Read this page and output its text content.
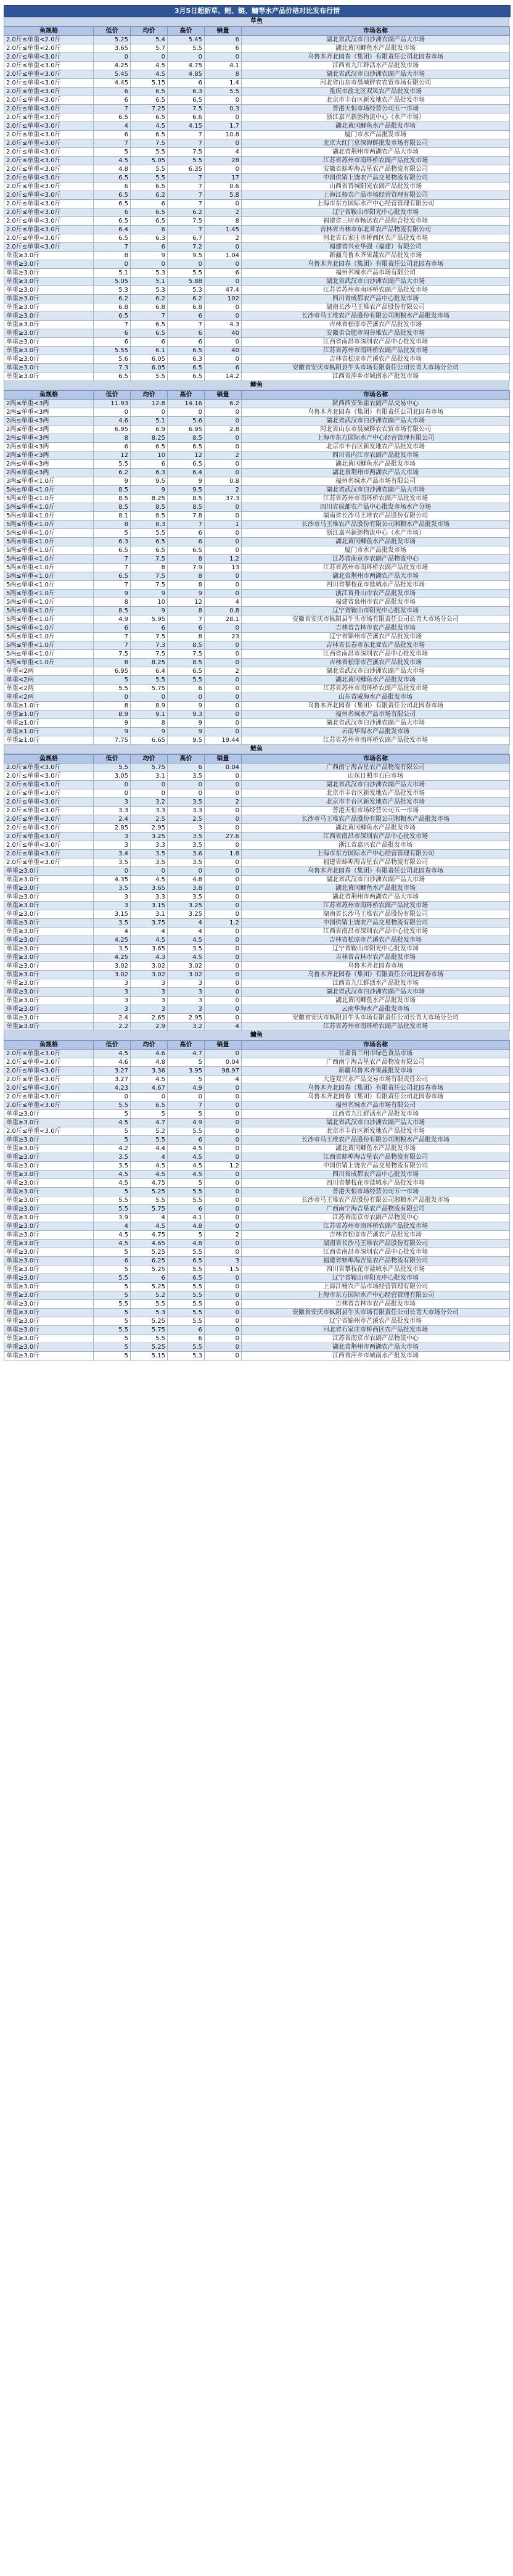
3月5日超新草、鲤、鲢、鳙等水产品价格对比发布行情
草鱼
鱼规格	低价	均价	高价	销量	市场名称
2.0斤≤单重<2.0斤	5.25	5.4	5.45	6	湖北省武汉市白沙洲农副产品大市场
2.0斤≤单重<2.0斤	3.65	5.7	5.5	6	湖北黄冈鲫鱼水产品批发市场
2.0斤≤单重<3.0斤	0	0	0	0	乌鲁木齐北园春（集团）有限责任公司北园春市场
2.0斤≤单重<3.0斤	4.25	4.5	4.75	4.1	江西省九江鲜活水产品批发市场
2.0斤≤单重<3.0斤	5.45	4.5	4.85	8	湖北省武汉市白沙洲农副产品大市场
2.0斤≤单重<3.0斤	4.45	5.15	6	1.4	河北省山东市晨城鲜农农贸市场有限公司
2.0斤≤单重<3.0斤	6	6.5	6.3	5.5	重庆市渝北区双凤农产品批发市场
2.0斤≤单重<3.0斤	6	6.5	6.5	0	北京市丰台区新发地农产品批发市场
2.0斤≤单重<3.0斤	7	7.25	7.5	0.3	普港天恒市场经营公司五一市场
2.0斤≤单重<3.0斤	6.5	6.5	6.6	0	浙江嘉兴新塍物流中心（水产市场）
2.0斤≤单重<3.0斤	4	4.5	4.15	1.7	湖北黄冈鲫鱼水产品批发市场
2.0斤≤单重<3.0斤	6	6.5	7	10.8	厦门市水产品批发市场
2.0斤≤单重<3.0斤	7	7.5	7	0	北京大红门京深海鲜批发市场有限公司
2.0斤≤单重<3.0斤	5	5.5	7.5	4	湖北省荆州市两湖农产品大市场
2.0斤≤单重<3.0斤	4.5	5.05	5.5	28	江苏省苏州市南环桥农副产品批发市场
2.0斤≤单重<3.0斤	4.8	5.5	6.35	0	安徽省蚌埠海吉星农产品物流有限公司
2.0斤≤单重<3.0斤	6.5	5.5	7	17	中国供销上饶农产品交易物流有限公司
2.0斤≤单重<3.0斤	6	6.5	7	0.6	山西省晋城阳光农副产品批发市场
2.0斤≤单重<3.0斤	6.5	6.2	7	5.8	上海江杨农产品市场经营管理有限公司
2.0斤≤单重<3.0斤	6.5	6	7	0	上海市东方国际水产中心经营管理有限公司
2.0斤≤单重<3.0斤	6	6.5	6.2	2	辽宁省鞍山市阳光中心批发市场
2.0斤≤单重<3.0斤	6.5	6.5	7.5	8	福建省三明市畅达农产品综合批发市场
2.0斤≤单重<3.0斤	6.4	6	7	1.45	吉林省吉林市东北亚农产品物流有限公司
2.0斤≤单重<3.0斤	6.5	6.3	6.7	2	河北省石家庄市桥西区农产品批发市场
2.0斤≤单重<3.0斤	7	6	7.2	0	福建省兴业华强（福建）有限公司
单重≥3.0斤	8	9	9.5	1.04	新疆乌鲁木齐果蔬农产品批发市场
单重≥3.0斤	0	0	0	0	乌鲁木齐北园春（集团）有限责任公司北园春市场
单重≥3.0斤	5.1	5.3	5.5	6	福州名城水产品市场有限公司
单重≥3.0斤	5.05	5.1	5.88	0	湖北省武汉市白沙洲农副产品大市场
单重≥3.0斤	5.3	5.3	5.3	47.4	江苏省苏州市南环桥农副产品批发市场
单重≥3.0斤	6.2	6.2	6.2	102	四川省成都农产品中心批发市场
单重≥3.0斤	6.8	6.8	6.8	0	湖南长沙马王堆农产品股份有限公司
单重≥3.0斤	6.5	7	6	0	长沙市马王堆农产品股份有限公司湘粮水产品批发市场
单重≥3.0斤	7	6.5	7	4.3	吉林省松原市芒溪农产品批发市场
单重≥3.0斤	6	6.5	6	40	安徽省合肥市周谷堆农产品批发市场
单重≥3.0斤	6	6	6	0	江西省南昌市深圳农产品中心批发市场
单重≥3.0斤	5.55	6.1	6.5	40	江苏省苏州市南环桥农副产品批发市场
单重≥3.0斤	5.6	6.05	6.3	0	吉林省松原市芒溪农产品批发市场
单重≥3.0斤	7.3	6.05	6.5	6	安徽省安庆市枞阳县牛头市场有限责任公司长青大市场分公司
单重≥3.0斤	6.5	5.5	6.5	14.2	江西省萍乡市城南水产批发市场
鲫鱼
鱼规格	低价	均价	高价	销量	市场名称
2两≤单重<3两	11.93	12.8	14.16	6.2	陕西西安朱雀农副产品交易中心
2两≤单重<3两	0	0	0	0	乌鲁木齐北园春（集团）有限责任公司北园春市场
2两≤单重<3两	4.6	5.1	5.6	0	湖北省武汉市白沙洲农副产品大市场
2两≤单重<3两	6.95	6.9	6.95	2.8	河北省山东市晨城鲜农农贸市场有限公司
2两≤单重<3两	8	8.25	8.5	0	上海市东方国际水产中心经营管理有限公司
2两≤单重<3两	6	6.5	6.5	0	北京市丰台区新发地农产品批发市场
2两≤单重<3两	12	10	12	2	四川省内江市农副产品批发市场
2两≤单重<3两	5.5	6	6.5	0	湖北黄冈鲫鱼水产品批发市场
2两≤单重<3两	6.2	6.3	6.4	0	湖北省荆州市两湖农产品大市场
3两≤单重<1.0斤	9	9.5	9	0.8	福州名城水产品市场有限公司
5两≤单重<1.0斤	8.5	9	9.5	2	湖北省武汉市白沙洲农副产品大市场
5两≤单重<1.0斤	8.5	8.25	8.5	37.3	江苏省苏州市南环桥农副产品批发市场
5两≤单重<1.0斤	8.5	8.5	8.5	0	四川省成都农产品中心批发市场水产分场
5两≤单重<1.0斤	8.1	8.5	7.8	0	湖南省长沙马王堆农产品股份有限公司
5两≤单重<1.0斤	8	8.3	7	1	长沙市马王堆农产品股份有限公司湘粮水产品批发市场
5两≤单重<1.0斤	5	5.5	6	0	浙江嘉兴新塍物流中心（水产市场）
5两≤单重<1.0斤	6.3	6.5	6	0	湖北黄冈鲫鱼水产品批发市场
5两≤单重<1.0斤	6.5	6.5	6.5	0	厦门市水产品批发市场
5两≤单重<1.0斤	7	7.5	8	1.2	江苏省南京市农副产品物流中心
5两≤单重<1.0斤	7	8	7.9	13	江苏省苏州市南环桥农副产品批发市场
5两≤单重<1.0斤	6.5	7.5	8	0	湖北省荆州市两湖农产品大市场
5两≤单重<1.0斤	7	7.5	8	0	四川省攀枝花市盐城水产品批发市场
5两≤单重<1.0斤	9	9	9	0	浙江省舟山市农产品批发市场
5两≤单重<1.0斤	8	10	12	4	福建省泉州市农产品批发市场
5两≤单重<1.0斤	8.5	9	8	0.8	辽宁省鞍山市阳光中心批发市场
5两≤单重<1.0斤	4.9	5.95	7	28.1	安徽省安庆市枞阳县牛头市场有限责任公司长青大市场分公司
5两≤单重<1.0斤	6	6	6	0	吉林省吉林市农产品批发市场
5两≤单重<1.0斤	7	7.5	8	23	辽宁省锦州市芒溪农产品批发市场
5两≤单重<1.0斤	7	7.3	8.5	0	吉林省长春市东北亚农产品批发市场
5两≤单重<1.0斤	7.5	7.5	7.5	0	江西省南昌市深圳农产品中心批发市场
5两≤单重<1.0斤	8	8.25	8.5	0	吉林省松原市芒溪农产品批发市场
单重<2两	6.95	6.4	6.5	2	湖北省武汉市白沙洲农副产品大市场
单重<2两	5	5.5	5.5	0	湖北黄冈鲫鱼水产品批发市场
单重<2两	5.5	5.75	6	0	江苏省苏州市南环桥农副产品批发市场
单重<2两	0	0	0	0	山东省威海水产品批发市场
单重≥1.0斤	8	8.9	9	0	乌鲁木齐北园春（集团）有限责任公司北园春市场
单重≥1.0斤	8.9	9.1	9.3	0	福州名城水产品市场有限公司
单重≥1.0斤	9	8	9	0	湖北省武汉市白沙洲农副产品大市场
单重≥1.0斤	9	9	9	0	云南华海水产品批发市场
单重≥1.0斤	7.75	6.65	9.5	19.44	江苏省苏州市南环桥农副产品批发市场
鲢鱼
鱼规格	低价	均价	高价	销量	市场名称
2.0斤≤单重<3.0斤	5.5	5.75	6	0.04	广西南宁海吉星农产品物流有限公司
2.0斤≤单重<3.0斤	3.05	3.1	3.5	0	山东日照市石臼市场
2.0斤≤单重<3.0斤	0	0	0	0	湖北省武汉市白沙洲农副产品大市场
2.0斤≤单重<3.0斤	0	0	0	0	北京市丰台区新发地农产品批发市场
2.0斤≤单重<3.0斤	3	3.2	3.5	2	北京市丰台区新发地农产品批发市场
2.0斤≤单重<3.0斤	3.3	3.3	3.3	0	普港天恒市场经营公司五一市场
2.0斤≤单重<3.0斤	2.4	2.5	2.5	0	长沙市马王堆农产品股份有限公司湘粮水产品批发市场
2.0斤≤单重<3.0斤	2.85	2.95	3	0	湖北黄冈鲫鱼水产品批发市场
2.0斤≤单重<3.0斤	3	3.25	3.5	27.6	江西省南昌市深圳农产品中心批发市场
2.0斤≤单重<3.0斤	3	3.3	3.5	0	浙江省嘉兴农产品批发市场
2.0斤≤单重<3.0斤	3.4	3.5	3.6	1.8	上海市东方国际水产中心经营管理有限公司
2.0斤≤单重<3.0斤	3.5	3.5	3.5	0	福建省蚌埠海吉星农产品物流有限公司
单重≥3.0斤	0	0	0	0	乌鲁木齐北园春（集团）有限责任公司北园春市场
单重≥3.0斤	4.35	4.5	4.8	0	湖北省武汉市白沙洲农副产品大市场
单重≥3.0斤	3.5	3.65	3.8	0	湖北黄冈鲫鱼水产品批发市场
单重≥3.0斤	3	3.3	3.5	0	湖北省荆州市两湖农产品大市场
单重≥3.0斤	3	3.15	3.25	0	江苏省苏州市南环桥农副产品批发市场
单重≥3.0斤	3.15	3.1	3.25	0	湖南省长沙马王堆农产品股份有限公司
单重≥3.0斤	3.5	3.75	4	1.2	中国供销上饶农产品交易物流有限公司
单重≥3.0斤	4	4	4	0	江西省南昌市深圳农产品中心批发市场
单重≥3.0斤	4.25	4.5	4.5	0	吉林省松原市芒溪农产品批发市场
单重≥3.0斤	3.5	3.65	3.5	0	辽宁省鞍山市阳光中心批发市场
单重≥3.0斤	4.25	4.3	4.5	0	吉林省吉林市农产品批发市场
单重≥3.0斤	3.02	3.02	3.02	0	乌鲁木齐北园春市场
单重≥3.0斤	3.02	3.02	3.02	0	乌鲁木齐北园春（集团）有限责任公司北园春市场
单重≥3.0斤	3	3	3	0	江西省九江鲜活水产品批发市场
单重≥3.0斤	3	3	3	0	湖北省武汉市白沙洲农副产品大市场
单重≥3.0斤	3	3	3	0	湖北黄冈鲫鱼水产品批发市场
单重≥3.0斤	3	3	3	0	云南华海水产品批发市场
单重≥3.0斤	2.4	2.65	2.95	0	安徽省安庆市枞阳县牛头市场有限责任公司长青大市场分公司
单重≥3.0斤	2.2	2.9	3.2	4	江苏省苏州市南环桥农副产品批发市场
鳙鱼
鱼规格	低价	均价	高价	销量	市场名称
2.0斤≤单重<3.0斤	4.5	4.6	4.7	0	甘肃省兰州市绿色食品市场
2.0斤≤单重<3.0斤	4.6	4.8	5	0.04	广西南宁海吉星农产品物流有限公司
2.0斤≤单重<3.0斤	3.27	3.36	3.95	98.97	新疆乌鲁木齐果蔬批发市场
2.0斤≤单重<3.0斤	3.27	4.5	5	4	大连双兴水产品交易市场有限责任公司
2.0斤≤单重<3.0斤	4.23	4.67	4.9	0	乌鲁木齐北园春（集团）有限责任公司北园春市场
2.0斤≤单重<3.0斤	0	0	0	0	乌鲁木齐北园春（集团）有限责任公司北园春市场
2.0斤≤单重<3.0斤	5.5	6.5	7	0	福州名城水产品市场有限公司
单重≥3.0斤	5	5	5	0	江西省九江鲜活水产品批发市场
单重≥3.0斤	4.5	4.7	4.9	0	湖北省武汉市白沙洲农副产品大市场
2.0斤≤单重<3.0斤	5	5.2	5.5	0	北京市丰台区新发地农产品批发市场
单重≥3.0斤	5	5.5	6	0	长沙市马王堆农产品股份有限公司湘粮水产品批发市场
单重≥3.0斤	4.2	4.4	4.5	0	湖北黄冈鲫鱼水产品批发市场
单重≥3.0斤	3.5	4	4.5	0	江西省蚌埠海吉星农产品物流有限公司
单重≥3.0斤	3.5	4.5	4.5	1.2	中国供销上饶农产品交易物流有限公司
单重≥3.0斤	4.5	4.5	4.5	0	四川省成都农产品中心批发市场
单重≥3.0斤	4.5	4.75	5	0	四川省攀枝花市盐城水产品批发市场
单重≥3.0斤	5	5.25	5.5	0	普港天恒市场经营公司五一市场
单重≥3.0斤	5.5	5.5	5.5	0	长沙市马王堆农产品股份有限公司湘粮水产品批发市场
单重≥3.0斤	5.5	5.75	6	0	广西南宁海吉星农产品物流有限公司
单重≥3.0斤	3.9	4	4.1	0	江苏省南京市农副产品物流中心
单重≥3.0斤	4	4.5	4.8	0	江苏省苏州市南环桥农副产品批发市场
单重≥3.0斤	4.5	4.75	5	2	吉林省松原市芒溪农产品批发市场
单重≥3.0斤	4.5	4.65	4.8	0	湖南省长沙马王堆农产品股份有限公司
单重≥3.0斤	5	5.25	5.5	0	江西省南昌市深圳农产品中心批发市场
单重≥3.0斤	6	6.25	6.5	3	福建省蚌埠海吉星农产品物流有限公司
单重≥3.0斤	5	5.25	5.5	1.5	四川省攀枝花市盐城水产品批发市场
单重≥3.0斤	5.5	6	6.5	0	辽宁省鞍山市阳光中心批发市场
单重≥3.0斤	5	5.25	5.5	0	上海江杨农产品市场经营管理有限公司
单重≥3.0斤	5	5.2	5.5	0	上海市东方国际水产中心经营管理有限公司
单重≥3.0斤	5.5	5.5	5.5	0	吉林省吉林市农产品批发市场
单重≥3.0斤	5	5.3	5.5	0	安徽省安庆市枞阳县牛头市场有限责任公司长青大市场分公司
单重≥3.0斤	5	5.25	5.5	0	辽宁省锦州市芒溪农产品批发市场
单重≥3.0斤	5.5	5.75	6	0	河北省石家庄市桥西区农产品批发市场
单重≥3.0斤	5	5.5	6	0	江苏省南京市农副产品物流中心
单重≥3.0斤	5	5.25	5.5	0	湖北省荆州市两湖农产品大市场
单重≥3.0斤	5	5.15	5.3	0	江西省萍乡市城南水产批发市场
